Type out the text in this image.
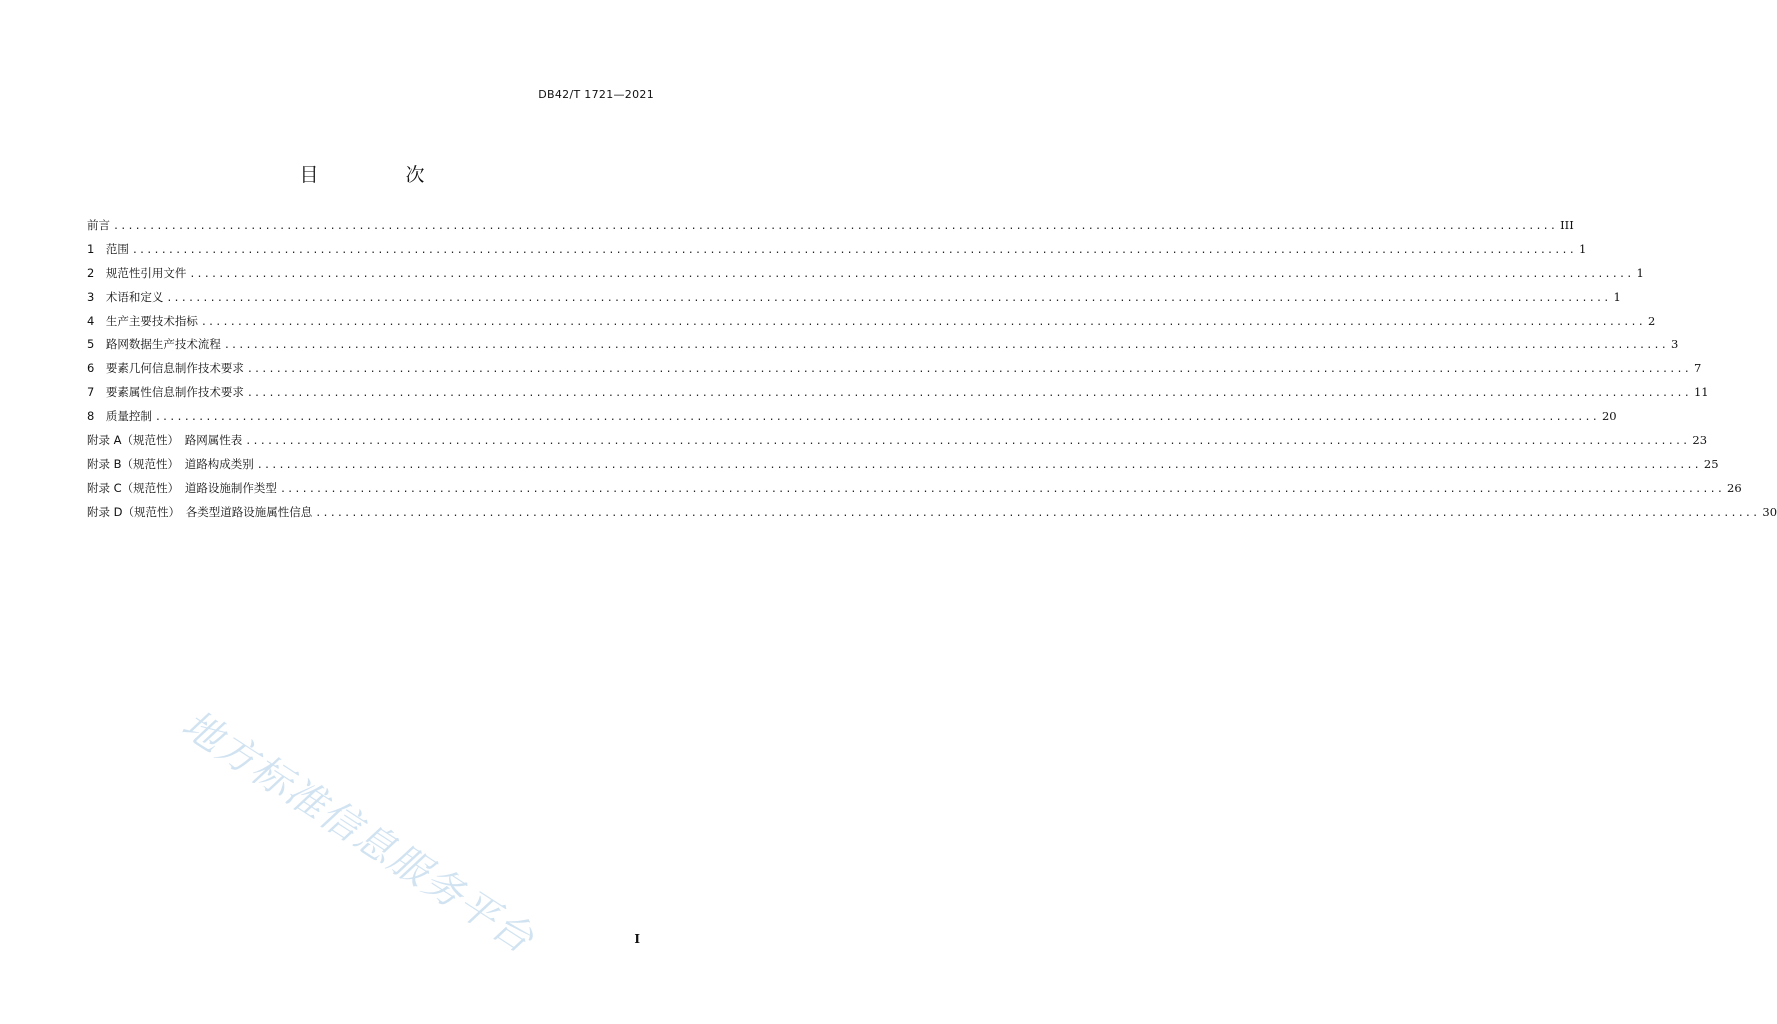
DB42/T 1721—2021
目　次
前言 ........................................................................................................................................................................................................ III
1　范围 ........................................................................................................................................................................................................ 1
2　规范性引用文件 ........................................................................................................................................................................................................ 1
3　术语和定义 ........................................................................................................................................................................................................ 1
4　生产主要技术指标 ........................................................................................................................................................................................................ 2
5　路网数据生产技术流程 ........................................................................................................................................................................................................ 3
6　要素几何信息制作技术要求 ........................................................................................................................................................................................................ 7
7　要素属性信息制作技术要求 ........................................................................................................................................................................................................ 11
8　质量控制 ........................................................................................................................................................................................................ 20
附录 A（规范性）　路网属性表 ........................................................................................................................................................................................................ 23
附录 B（规范性）　道路构成类别 ........................................................................................................................................................................................................ 25
附录 C（规范性）　道路设施制作类型 ........................................................................................................................................................................................................ 26
附录 D（规范性）　各类型道路设施属性信息 ........................................................................................................................................................................................................ 30
地方标准信息服务平台	I
